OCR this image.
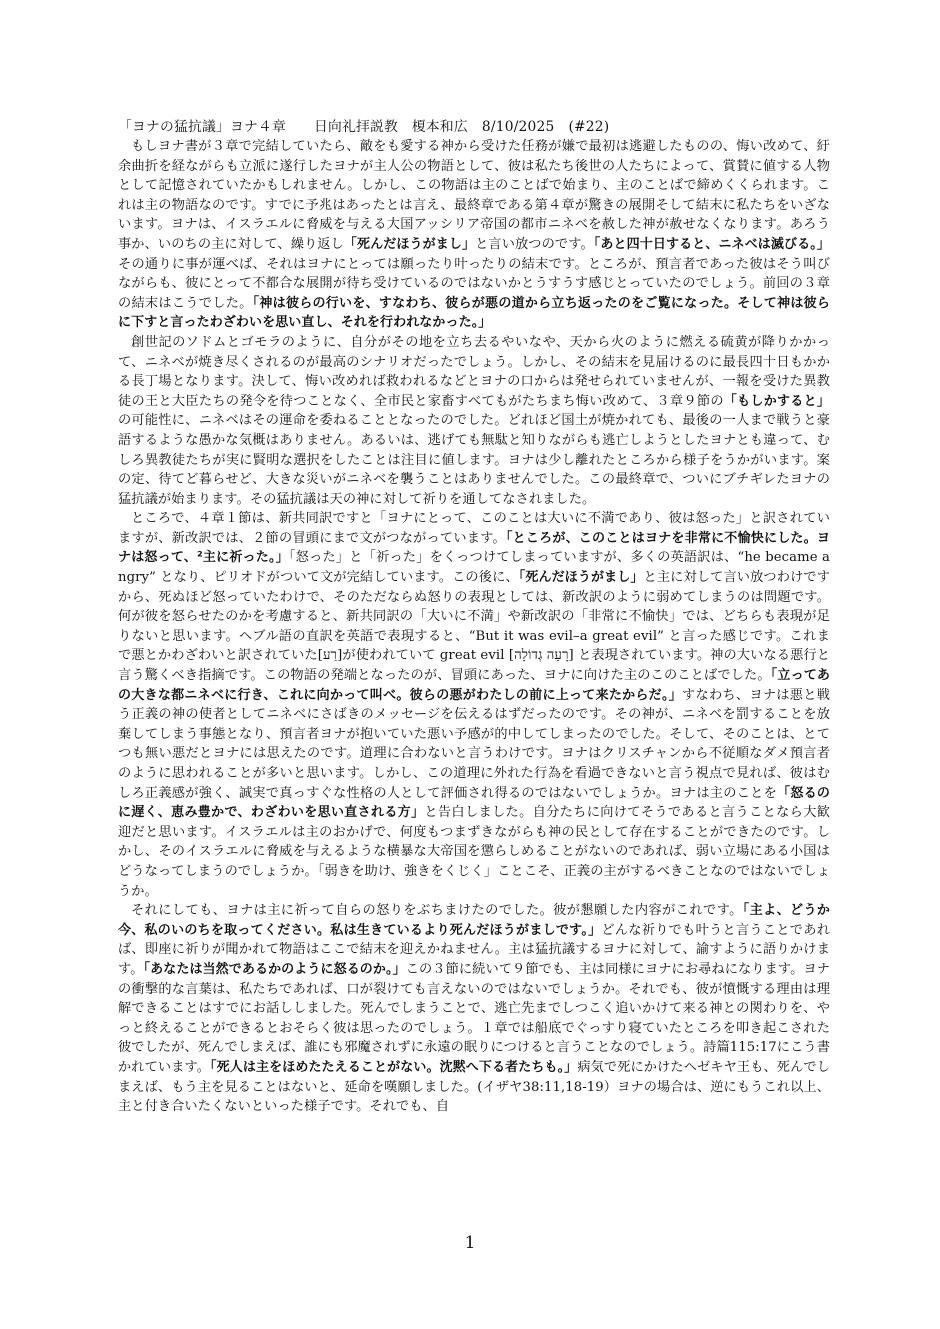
「ヨナの猛抗議」ヨナ４章　　日向礼拝説教　榎本和広　8/10/2025　(#22)

もしヨナ書が３章で完結していたら、敵をも愛する神から受けた任務が嫌で最初は逃避したものの、悔い改めて、紆余曲折を経ながらも立派に遂行したヨナが主人公の物語として、彼は私たち後世の人たちによって、賞賛に値する人物として記憶されていたかもしれません。しかし、この物語は主のことばで始まり、主のことばで締めくくられます。これは主の物語なのです。すでに予兆はあったとは言え、最終章である第４章が驚きの展開そして結末に私たちをいざないます。ヨナは、イスラエルに脅威を与える大国アッシリア帝国の都市ニネベを赦した神が赦せなくなります。あろう事か、いのちの主に対して、繰り返し「死んだほうがまし」と言い放つのです。「あと四十日すると、ニネベは滅びる。」その通りに事が運べば、それはヨナにとっては願ったり叶ったりの結末です。ところが、預言者であった彼はそう叫びながらも、彼にとって不都合な展開が待ち受けているのではないかとうすうす感じとっていたのでしょう。前回の３章の結末はこうでした。「神は彼らの行いを、すなわち、彼らが悪の道から立ち返ったのをご覧になった。そして神は彼らに下すと言ったわざわいを思い直し、それを行われなかった。」

創世記のソドムとゴモラのように、自分がその地を立ち去るやいなや、天から火のように燃える硫黄が降りかかって、ニネベが焼き尽くされるのが最高のシナリオだったでしょう。しかし、その結末を見届けるのに最長四十日もかかる長丁場となります。決して、悔い改めれば救われるなどとヨナの口からは発せられていませんが、一報を受けた異教徒の王と大臣たちの発令を待つことなく、全市民と家畜すべてもがたちまち悔い改めて、３章９節の「もしかすると」の可能性に、ニネベはその運命を委ねることとなったのでした。どれほど国土が焼かれても、最後の一人まで戦うと豪語するような愚かな気概はありません。あるいは、逃げても無駄と知りながらも逃亡しようとしたヨナとも違って、むしろ異教徒たちが実に賢明な選択をしたことは注目に値します。ヨナは少し離れたところから様子をうかがいます。案の定、待てど暮らせど、大きな災いがニネベを襲うことはありませんでした。この最終章で、ついにブチギレたヨナの猛抗議が始まります。その猛抗議は天の神に対して祈りを通してなされました。

ところで、４章１節は、新共同訳ですと「ヨナにとって、このことは大いに不満であり、彼は怒った」と訳されていますが、新改訳では、２節の冒頭にまで文がつながっています。「ところが、このことはヨナを非常に不愉快にした。ヨナは怒って、²主に祈った。」「怒った」と「祈った」をくっつけてしまっていますが、多くの英語訳は、“he became angry” となり、ピリオドがついて文が完結しています。この後に、「死んだほうがまし」と主に対して言い放つわけですから、死ぬほど怒っていたわけで、そのただならぬ怒りの表現としては、新改訳のように弱めてしまうのは問題です。何が彼を怒らせたのかを考慮すると、新共同訳の「大いに不満」や新改訳の「非常に不愉快」では、どちらも表現が足りないと思います。ヘブル語の直訳を英語で表現すると、“But it was evil–a great evil” と言った感じです。これまで悪とかわざわいと訳されていた[רַע]が使われていて great evil [רָעָה גְדוֹלָה] と表現されています。神の大いなる悪行と言う驚くべき指摘です。この物語の発端となったのが、冒頭にあった、ヨナに向けた主のこのことばでした。「立ってあの大きな都ニネベに行き、これに向かって叫べ。彼らの悪がわたしの前に上って来たからだ。」すなわち、ヨナは悪と戦う正義の神の使者としてニネベにさばきのメッセージを伝えるはずだったのです。その神が、ニネベを罰することを放棄してしまう事態となり、預言者ヨナが抱いていた悪い予感が的中してしまったのでした。そして、そのことは、とてつも無い悪だとヨナには思えたのです。道理に合わないと言うわけです。ヨナはクリスチャンから不従順なダメ預言者のように思われることが多いと思います。しかし、この道理に外れた行為を看過できないと言う視点で見れば、彼はむしろ正義感が強く、誠実で真っすぐな性格の人として評価され得るのではないでしょうか。ヨナは主のことを「怒るのに遅く、恵み豊かで、わざわいを思い直される方」と告白しました。自分たちに向けてそうであると言うことなら大歓迎だと思います。イスラエルは主のおかげで、何度もつまずきながらも神の民として存在することができたのです。しかし、そのイスラエルに脅威を与えるような横暴な大帝国を懲らしめることがないのであれば、弱い立場にある小国はどうなってしまうのでしょうか。「弱きを助け、強きをくじく」ことこそ、正義の主がするべきことなのではないでしょうか。

それにしても、ヨナは主に祈って自らの怒りをぶちまけたのでした。彼が懇願した内容がこれです。「主よ、どうか今、私のいのちを取ってください。私は生きているより死んだほうがましです。」どんな祈りでも叶うと言うことであれば、即座に祈りが聞かれて物語はここで結末を迎えかねません。主は猛抗議するヨナに対して、諭すように語りかけます。「あなたは当然であるかのように怒るのか。」この３節に続いて９節でも、主は同様にヨナにお尋ねになります。ヨナの衝撃的な言葉は、私たちであれば、口が裂けても言えないのではないでしょうか。それでも、彼が憤慨する理由は理解できることはすでにお話ししました。死んでしまうことで、逃亡先までしつこく追いかけて来る神との関わりを、やっと終えることができるとおそらく彼は思ったのでしょう。１章では船底でぐっすり寝ていたところを叩き起こされた彼でしたが、死んでしまえば、誰にも邪魔されずに永遠の眠りにつけると言うことなのでしょう。詩篇115:17にこう書かれています。「死人は主をほめたたえることがない。沈黙へ下る者たちも。」病気で死にかけたヘゼキヤ王も、死んでしまえば、もう主を見ることはないと、延命を嘆願しました。(イザヤ38:11,18-19）ヨナの場合は、逆にもうこれ以上、主と付き合いたくないといった様子です。それでも、自

1
